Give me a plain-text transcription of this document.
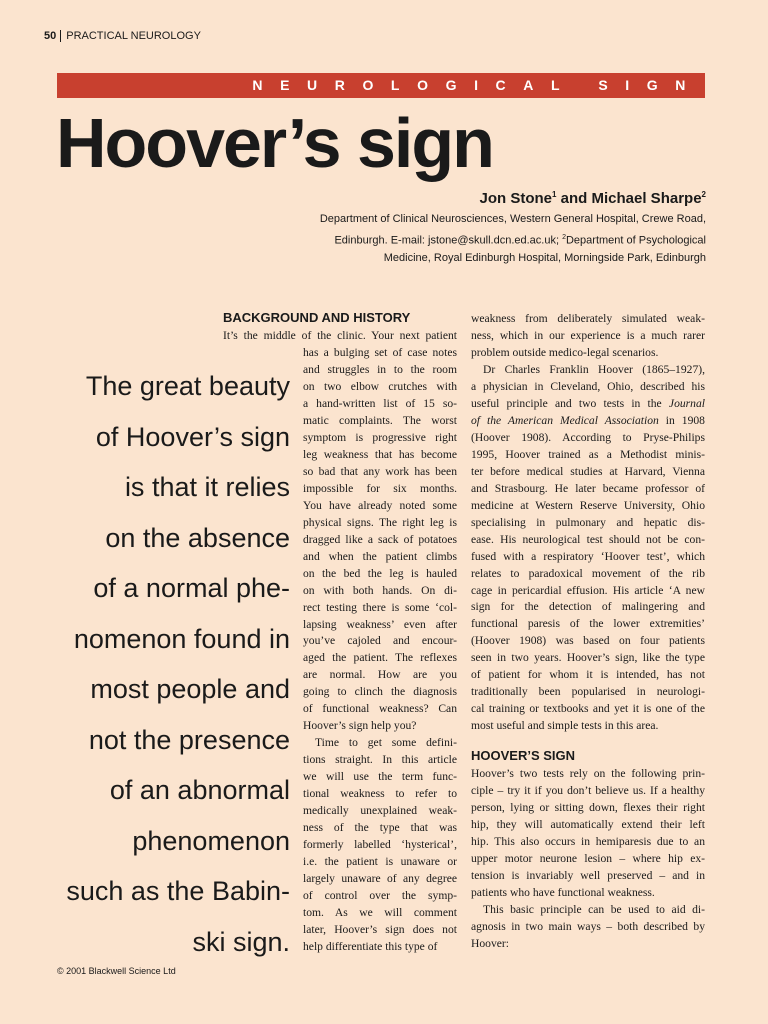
50 PRACTICAL NEUROLOGY
NEUROLOGICAL SIGN
Hoover’s sign
Jon Stone$^1$ and Michael Sharpe$^2$
Department of Clinical Neurosciences, Western General Hospital, Crewe Road,
Edinburgh. E-mail: jstone@skull.dcn.ed.ac.uk; $^2$Department of Psychological
Medicine, Royal Edinburgh Hospital, Morningside Park, Edinburgh
The great beauty
of Hoover’s sign
is that it relies
on the absence
of a normal phe-
nomenon found in
most people and
not the presence
of an abnormal
phenomenon
such as the Babin-
ski sign.
BACKGROUND AND HISTORY
It’s the middle of the clinic. Your next patient
has a bulging set of case notes
and struggles in to the room
on two elbow crutches with
a hand-written list of 15 so-
matic complaints. The worst
symptom is progressive right
leg weakness that has become
so bad that any work has been
impossible for six months.
You have already noted some
physical signs. The right leg is
dragged like a sack of potatoes
and when the patient climbs
on the bed the leg is hauled
on with both hands. On di-
rect testing there is some ‘col-
lapsing weakness’ even after
you’ve cajoled and encour-
aged the patient. The reflexes
are normal. How are you
going to clinch the diagnosis
of functional weakness? Can
Hoover’s sign help you?
Time to get some defini-
tions straight. In this article
we will use the term func-
tional weakness to refer to
medically unexplained weak-
ness of the type that was
formerly labelled ‘hysterical’,
i.e. the patient is unaware or
largely unaware of any degree
of control over the symp-
tom. As we will comment
later, Hoover’s sign does not
help differentiate this type of
weakness from deliberately simulated weak-
ness, which in our experience is a much rarer
problem outside medico-legal scenarios.
Dr Charles Franklin Hoover (1865–1927),
a physician in Cleveland, Ohio, described his
useful principle and two tests in the Journal
of the American Medical Association in 1908
(Hoover 1908). According to Pryse-Philips
1995, Hoover trained as a Methodist minis-
ter before medical studies at Harvard, Vienna
and Strasbourg. He later became professor of
medicine at Western Reserve University, Ohio
specialising in pulmonary and hepatic dis-
ease. His neurological test should not be con-
fused with a respiratory ‘Hoover test’, which
relates to paradoxical movement of the rib
cage in pericardial effusion. His article ‘A new
sign for the detection of malingering and
functional paresis of the lower extremities’
(Hoover 1908) was based on four patients
seen in two years. Hoover’s sign, like the type
of patient for whom it is intended, has not
traditionally been popularised in neurologi-
cal training or textbooks and yet it is one of the
most useful and simple tests in this area.
HOOVER’S SIGN
Hoover’s two tests rely on the following prin-
ciple – try it if you don’t believe us. If a healthy
person, lying or sitting down, flexes their right
hip, they will automatically extend their left
hip. This also occurs in hemiparesis due to an
upper motor neurone lesion – where hip ex-
tension is invariably well preserved – and in
patients who have functional weakness.
This basic principle can be used to aid di-
agnosis in two main ways – both described by
Hoover:
© 2001 Blackwell Science Ltd
